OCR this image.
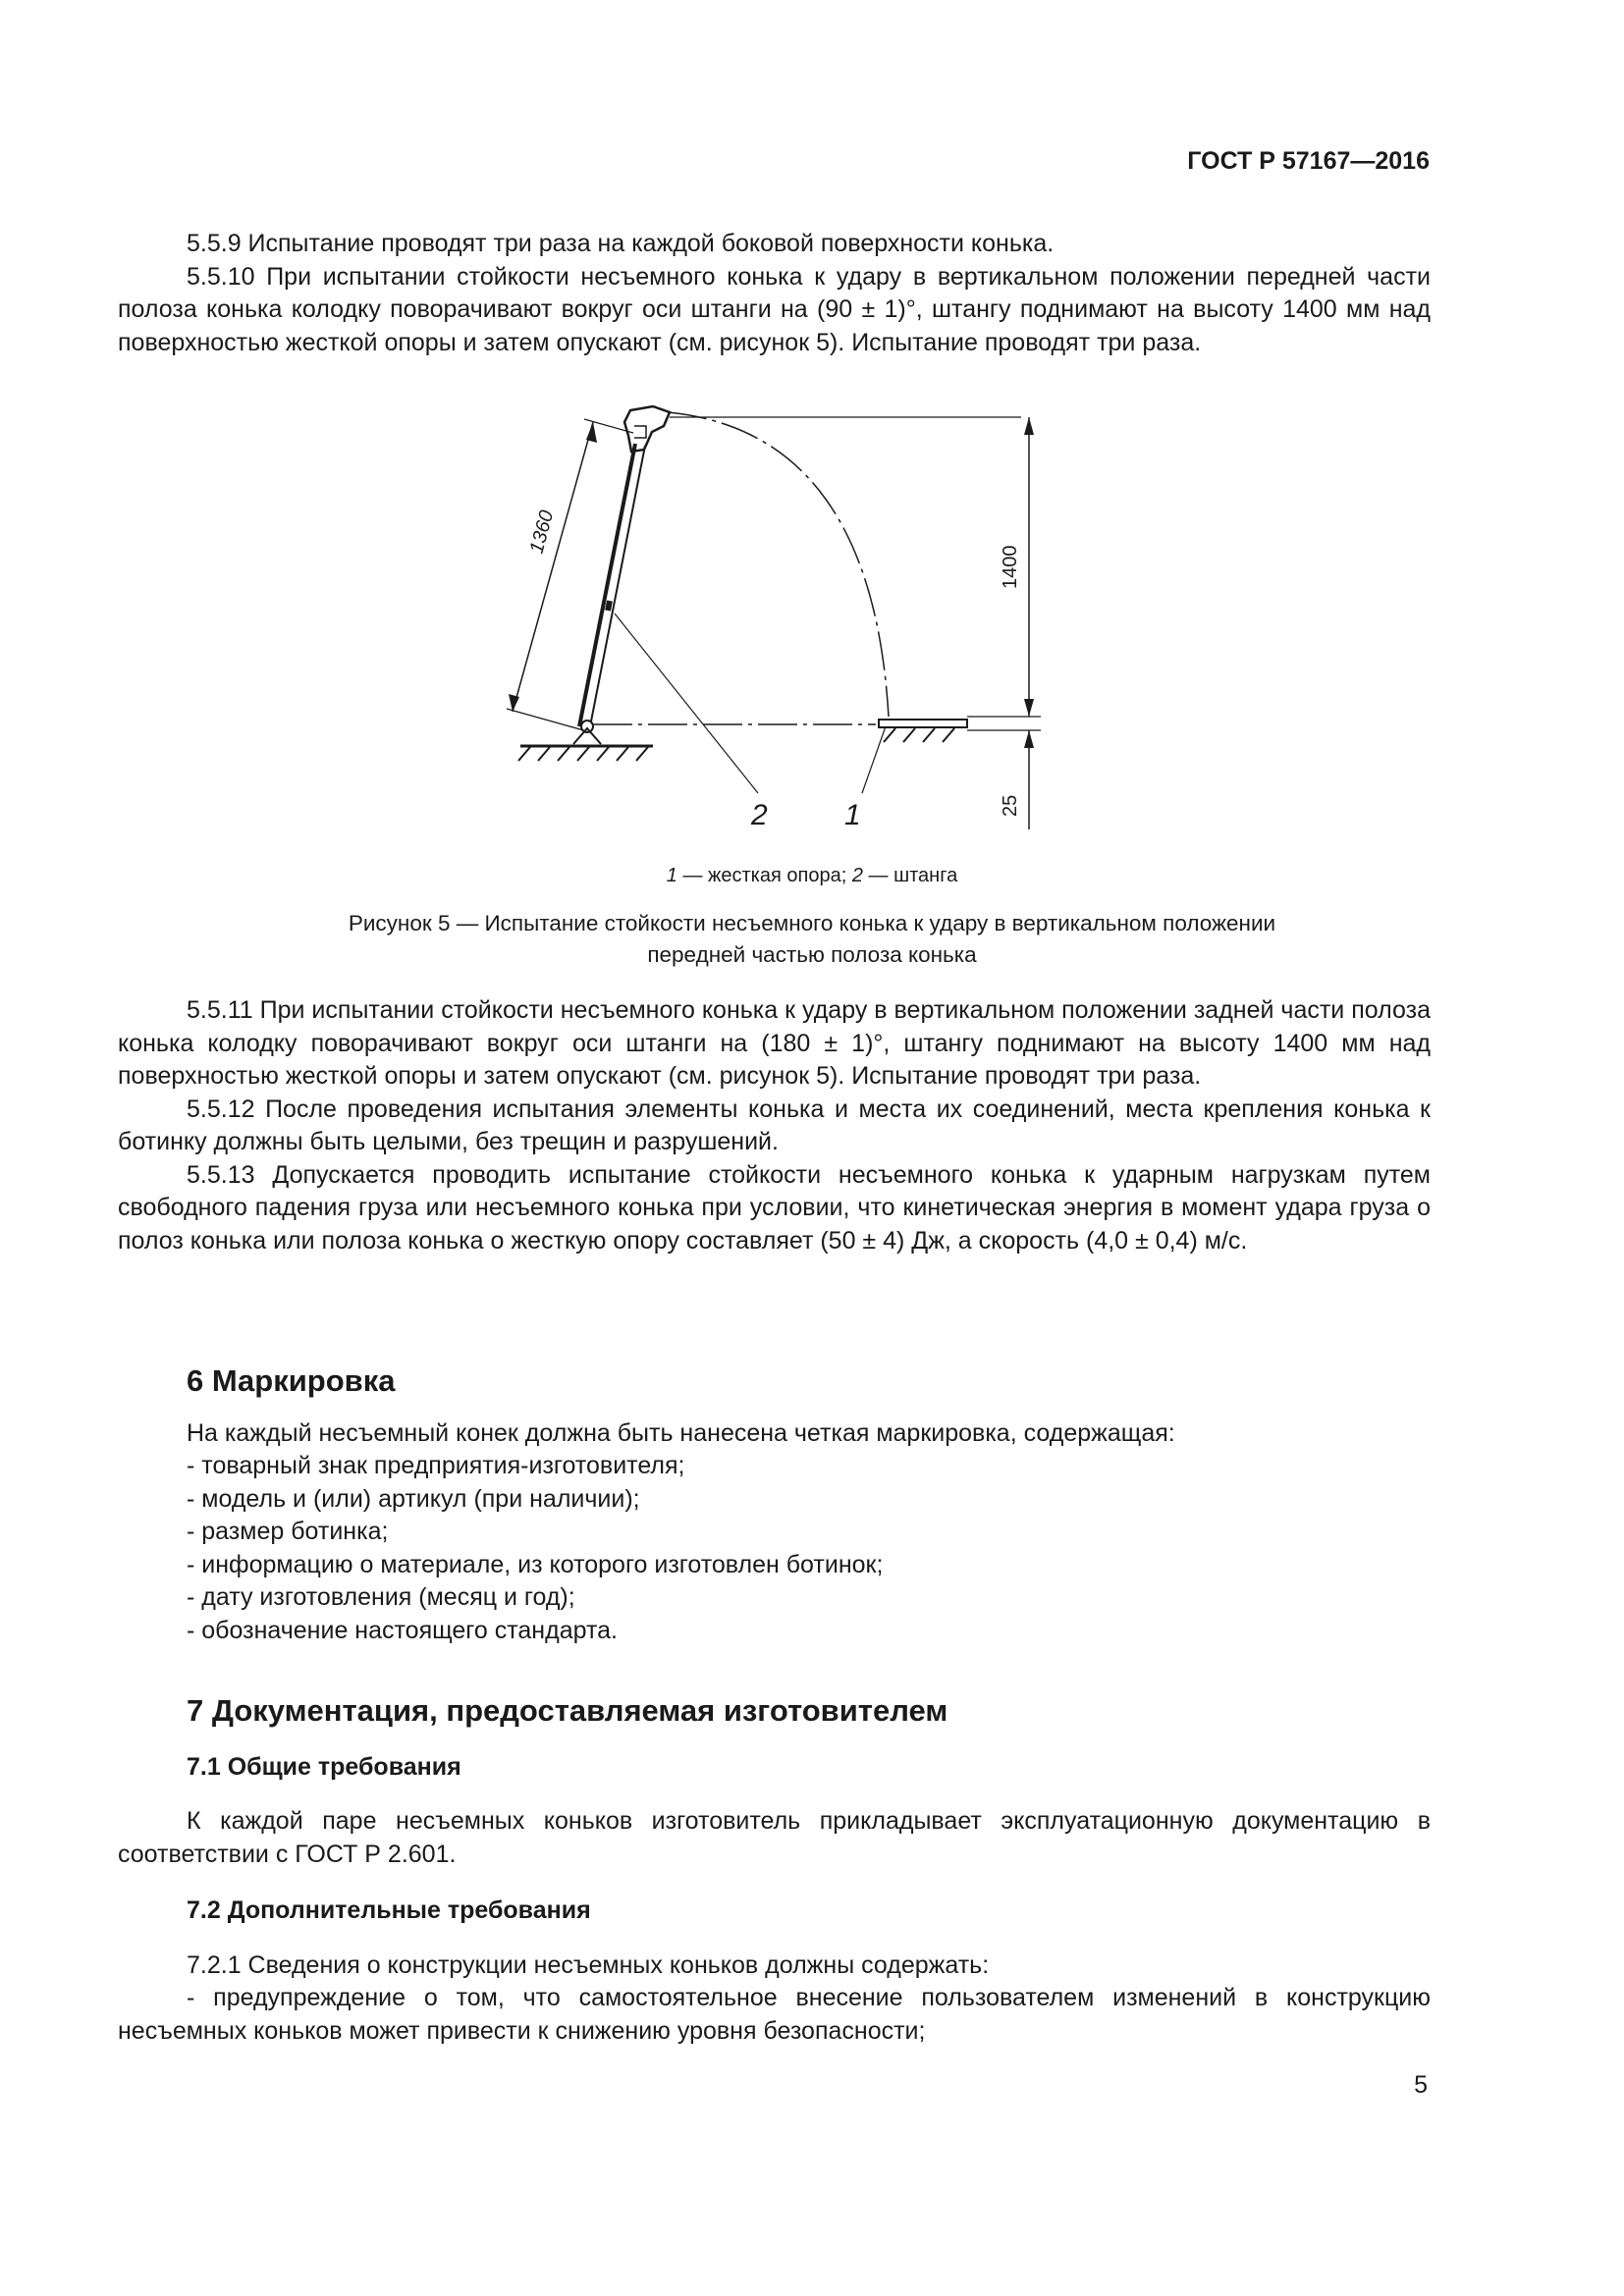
ГОСТ Р 57167—2016

5.5.9 Испытание проводят три раза на каждой боковой поверхности конька.

5.5.10 При испытании стойкости несъемного конька к удару в вертикальном положении передней части полоза конька колодку поворачивают вокруг оси штанги на (90 ± 1)°, штангу поднимают на высоту 1400 мм над поверхностью жесткой опоры и затем опускают (см. рисунок 5). Испытание проводят три раза.

1360
1400
25
2	1
1 — жесткая опора; 2 — штанга
Рисунок 5 — Испытание стойкости несъемного конька к удару в вертикальном положении
передней частью полоза конька

5.5.11 При испытании стойкости несъемного конька к удару в вертикальном положении задней части полоза конька колодку поворачивают вокруг оси штанги на (180 ± 1)°, штангу поднимают на высоту 1400 мм над поверхностью жесткой опоры и затем опускают (см. рисунок 5). Испытание проводят три раза.

5.5.12 После проведения испытания элементы конька и места их соединений, места крепления конька к ботинку должны быть целыми, без трещин и разрушений.

5.5.13 Допускается проводить испытание стойкости несъемного конька к ударным нагрузкам путем свободного падения груза или несъемного конька при условии, что кинетическая энергия в момент удара груза о полоз конька или полоза конька о жесткую опору составляет (50 ± 4) Дж, а скорость (4,0 ± 0,4) м/с.

6 Маркировка

На каждый несъемный конек должна быть нанесена четкая маркировка, содержащая:

- товарный знак предприятия-изготовителя;
- модель и (или) артикул (при наличии);
- размер ботинка;
- информацию о материале, из которого изготовлен ботинок;
- дату изготовления (месяц и год);
- обозначение настоящего стандарта.
7 Документация, предоставляемая изготовителем
7.1 Общие требования

К каждой паре несъемных коньков изготовитель прикладывает эксплуатационную документацию в соответствии с ГОСТ Р 2.601.

7.2 Дополнительные требования

7.2.1 Сведения о конструкции несъемных коньков должны содержать:

- предупреждение о том, что самостоятельное внесение пользователем изменений в конструкцию несъемных коньков может привести к снижению уровня безопасности;

5
